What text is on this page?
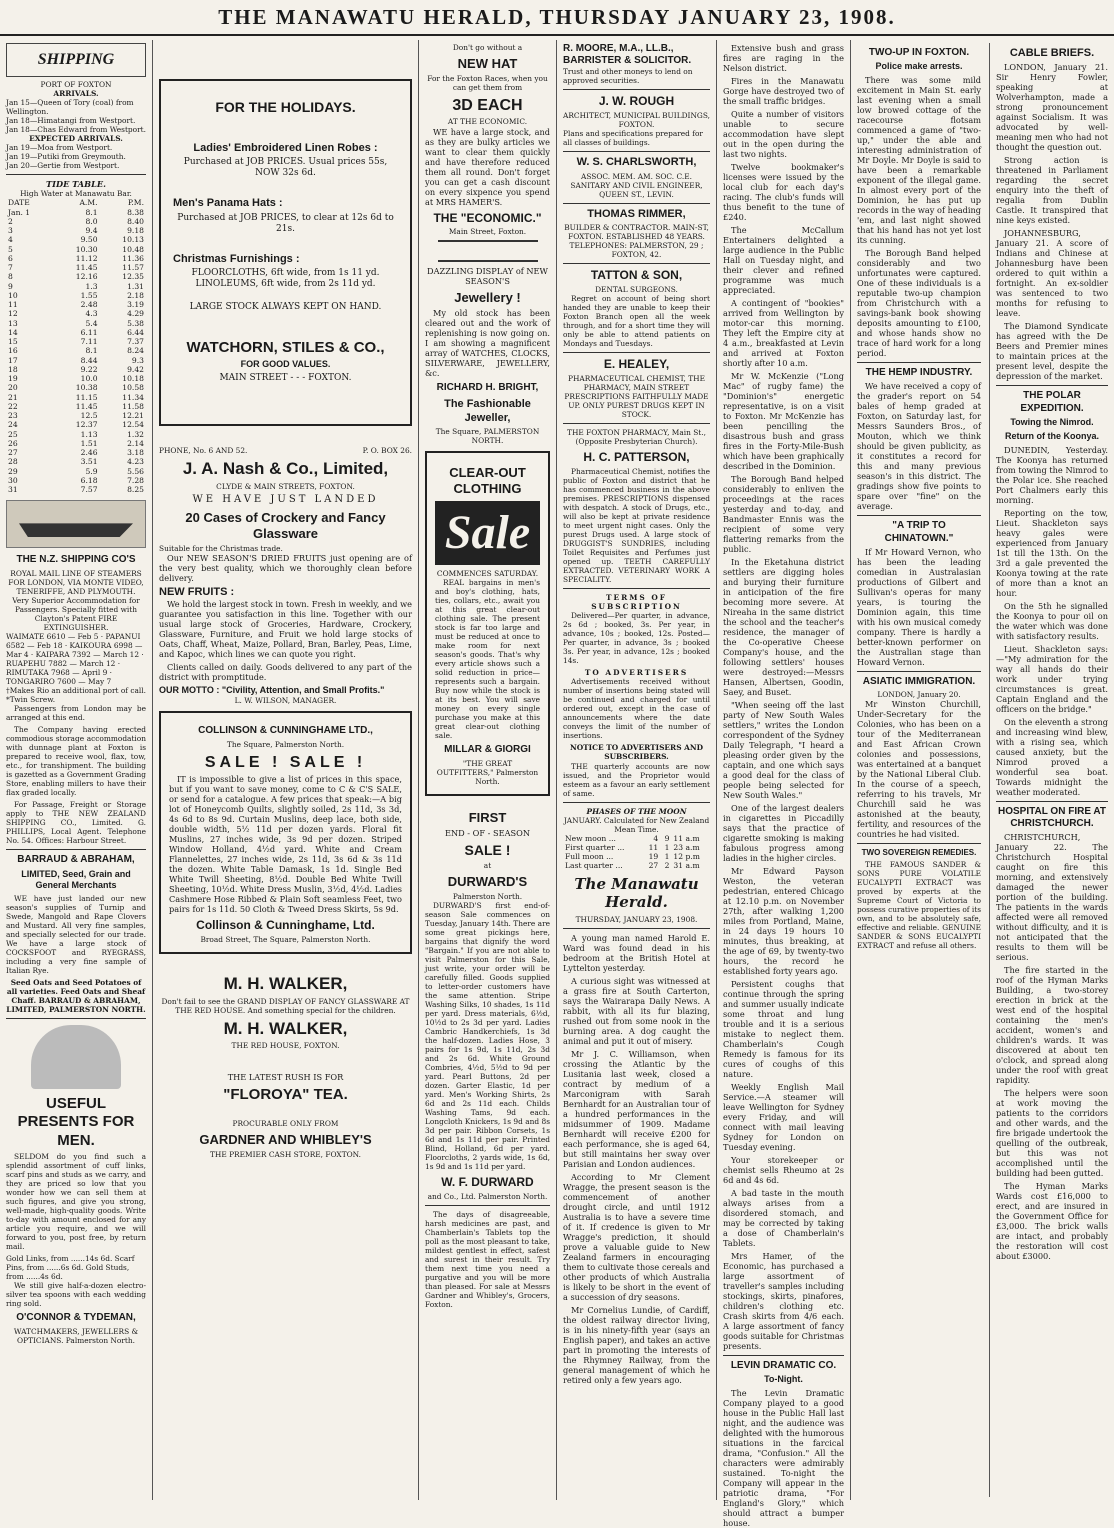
THE MANAWATU HERALD, THURSDAY JANUARY 23, 1908.
SHIPPING
PORT OF FOXTON
ARRIVALS.
Jan 15—Queen of Tory (coal) from Wellington.
Jan 18—Himatangi from Westport.
Jan 18—Chas Edward from Westport.
EXPECTED ARRIVALS.
Jan 19—Moa from Westport.
Jan 19—Putiki from Greymouth.
Jan 20—Gertie from Westport.
TIDE TABLE.
High Water at Manawatu Bar.
DATE	A.M.	P.M.
Jan. 1	8.1	8.38
2	8.0	8.40
3	9.4	9.18
4	9.50	10.13
5	10.30	10.48
6	11.12	11.36
7	11.45	11.57
8	12.16	12.35
9	1.3	1.31
10	1.55	2.18
11	2.48	3.19
12	4.3	4.29
13	5.4	5.38
14	6.11	6.44
15	7.11	7.37
16	8.1	8.24
17	8.44	9.3
18	9.22	9.42
19	10.0	10.18
20	10.38	10.58
21	11.15	11.34
22	11.45	11.58
23	12.5	12.21
24	12.37	12.54
25	1.13	1.32
26	1.51	2.14
27	2.46	3.18
28	3.51	4.23
29	5.9	5.56
30	6.18	7.28
31	7.57	8.25
THE N.Z. SHIPPING CO'S
ROYAL MAIL LINE OF STEAMERS FOR LONDON, VIA MONTE VIDEO, TENERIFFE, AND PLYMOUTH.
Very Superior Accommodation for Passengers. Specially fitted with Clayton's Patent FIRE EXTINGUISHER.
WAIMATE 6610 — Feb 5 · PAPANUI 6582 — Feb 18 · KAIKOURA 6998 — Mar 4 · KAIPARA 7392 — March 12 · RUAPEHU 7882 — March 12 · RIMUTAKA 7968 — April 9 · TONGARIRO 7600 — May 7
†Makes Rio an additional port of call. *Twin Screw.

Passengers from London may be arranged at this end.

The Company having erected commodious storage accommodation with dunnage plant at Foxton is prepared to receive wool, flax, tow, etc., for transhipment. The building is gazetted as a Government Grading Store, enabling millers to have their flax graded locally.

For Passage, Freight or Storage apply to THE NEW ZEALAND SHIPPING CO., Limited. G. PHILLIPS, Local Agent. Telephone No. 54. Offices: Harbour Street.

BARRAUD & ABRAHAM,
LIMITED, Seed, Grain and General Merchants

WE have just landed our new season's supplies of Turnip and Swede, Mangold and Rape Clovers and Mustard. All very fine samples, and specially selected for our trade. We have a large stock of COCKSFOOT and RYEGRASS, including a very fine sample of Italian Rye.

Seed Oats and Seed Potatoes of all varieties. Feed Oats and Sheaf Chaff. BARRAUD & ABRAHAM, LIMITED, PALMERSTON NORTH.
USEFUL PRESENTS FOR MEN.

SELDOM do you find such a splendid assortment of cuff links, scarf pins and studs as we carry, and they are priced so low that you wonder how we can sell them at such figures, and give you strong, well-made, high-quality goods. Write to-day with amount enclosed for any article you require, and we will forward to you, post free, by return mail.

Gold Links, from ......14s 6d. Scarf Pins, from ......6s 6d. Gold Studs, from ......4s 6d.

We still give half-a-dozen electro-silver tea spoons with each wedding ring sold.

O'CONNOR & TYDEMAN,
WATCHMAKERS, JEWELLERS & OPTICIANS. Palmerston North.
FOR THE HOLIDAYS.
Ladies' Embroidered Linen Robes :
Purchased at JOB PRICES. Usual prices 55s, NOW 32s 6d.
Men's Panama Hats :
Purchased at JOB PRICES, to clear at 12s 6d to 21s.
Christmas Furnishings :
FLOORCLOTHS, 6ft wide, from 1s 11 yd. LINOLEUMS, 6ft wide, from 2s 11d yd.
LARGE STOCK ALWAYS KEPT ON HAND.
WATCHORN, STILES & CO.,
FOR GOOD VALUES.
MAIN STREET - - - FOXTON.
PHONE, No. 6 AND 52.	P. O. BOX 26.
J. A. Nash & Co., Limited,
CLYDE & MAIN STREETS, FOXTON.
WE HAVE JUST LANDED
20 Cases of Crockery and Fancy Glassware
Suitable for the Christmas trade.

Our NEW SEASON'S DRIED FRUITS just opening are of the very best quality, which we thoroughly clean before delivery.

NEW FRUITS :

We hold the largest stock in town. Fresh in weekly, and we guarantee you satisfaction in this line. Together with our usual large stock of Groceries, Hardware, Crockery, Glassware, Furniture, and Fruit we hold large stocks of Oats, Chaff, Wheat, Maize, Pollard, Bran, Barley, Peas, Lime, and Kapoc, which lines we can quote you right.

Clients called on daily. Goods delivered to any part of the district with promptitude.

OUR MOTTO : "Civility, Attention, and Small Profits."
L. W. WILSON, MANAGER.
COLLINSON & CUNNINGHAME LTD.,
The Square, Palmerston North.
SALE ! SALE !

IT is impossible to give a list of prices in this space, but if you want to save money, come to C & C'S SALE, or send for a catalogue. A few prices that speak:—A big lot of Honeycomb Quilts, slightly soiled, 2s 11d, 3s 3d, 4s 6d to 8s 9d. Curtain Muslins, deep lace, both side, double width, 5½ 11d per dozen yards. Floral fit Muslins, 27 inches wide, 3s 9d per dozen. Striped Window Holland, 4½d yard. White and Cream Flannelettes, 27 inches wide, 2s 11d, 3s 6d & 3s 11d the dozen. White Table Damask, 1s 1d. Single Bed White Twill Sheeting, 8½d. Double Bed White Twill Sheeting, 10½d. White Dress Muslin, 3½d, 4½d. Ladies Cashmere Hose Ribbed & Plain Soft seamless Feet, two pairs for 1s 11d. 50 Cloth & Tweed Dress Skirts, 5s 9d.

Collinson & Cunninghame, Ltd.
Broad Street, The Square, Palmerston North.
M. H. WALKER,
Don't fail to see the GRAND DISPLAY OF FANCY GLASSWARE AT THE RED HOUSE. And something special for the children.
M. H. WALKER,
THE RED HOUSE, FOXTON.
THE LATEST RUSH IS FOR
"FLOROYA" TEA.
PROCURABLE ONLY FROM
GARDNER AND WHIBLEY'S
THE PREMIER CASH STORE, FOXTON.
Don't go without a
NEW HAT
For the Foxton Races, when you can get them from
3D EACH
AT THE ECONOMIC.

WE have a large stock, and as they are bulky articles we want to clear them quickly and have therefore reduced them all round. Don't forget you can get a cash discount on every sixpence you spend at MRS HAMER'S.

THE "ECONOMIC."
Main Street, Foxton.
DAZZLING DISPLAY of NEW SEASON'S
Jewellery !

My old stock has been cleared out and the work of replenishing is now going on. I am showing a magnificent array of WATCHES, CLOCKS, SILVERWARE, JEWELLERY, &c.

RICHARD H. BRIGHT,
The Fashionable Jeweller,
The Square, PALMERSTON NORTH.
CLEAR-OUT CLOTHING
Sale
COMMENCES SATURDAY.

REAL bargains in men's and boy's clothing, hats, ties, collars, etc., await you at this great clear-out clothing sale. The present stock is far too large and must be reduced at once to make room for next season's goods. That's why every article shows such a solid reduction in price—represents such a bargain. Buy now while the stock is at its best. You will save money on every single purchase you make at this great clear-out clothing sale.

MILLAR & GIORGI
"THE GREAT OUTFITTERS," Palmerston North.
FIRST
END - OF - SEASON
SALE !
at
DURWARD'S
Palmerston North.

DURWARD'S first end-of-season Sale commences on Tuesday, January 14th. There are some great pickings here, bargains that dignify the word "Bargain." If you are not able to visit Palmerston for this Sale, just write, your order will be carefully filled. Goods supplied to letter-order customers have the same attention. Stripe Washing Silks, 10 shades, 1s 11d per yard. Dress materials, 6½d, 10½d to 2s 3d per yard. Ladies Cambric Handkerchiefs, 1s 3d the half-dozen. Ladies Hose, 3 pairs for 1s 9d, 1s 11d, 2s 3d and 2s 6d. White Ground Combries, 4½d, 5½d to 9d per yard. Pearl Buttons, 2d per dozen. Garter Elastic, 1d per yard. Men's Working Shirts, 2s 6d and 2s 11d each. Childs Washing Tams, 9d each. Longcloth Knickers, 1s 9d and 8s 3d per pair. Ribbon Corsets, 1s 6d and 1s 11d per pair. Printed Blind, Holland, 6d per yard. Floorcloths, 2 yards wide, 1s 6d, 1s 9d and 1s 11d per yard.

W. F. DURWARD
and Co., Ltd. Palmerston North.

The days of disagreeable, harsh medicines are past, and Chamberlain's Tablets top the poll as the most pleasant to take, mildest gentlest in effect, safest and surest in their result. Try them next time you need a purgative and you will be more than pleased. For sale at Messrs Gardner and Whibley's, Grocers, Foxton.

R. MOORE, M.A., LL.B., BARRISTER & SOLICITOR.
Trust and other moneys to lend on approved securities.
J. W. ROUGH
ARCHITECT, MUNICIPAL BUILDINGS, FOXTON.
Plans and specifications prepared for all classes of buildings.
W. S. CHARLSWORTH,
ASSOC. MEM. AM. SOC. C.E. SANITARY AND CIVIL ENGINEER, QUEEN ST., LEVIN.
THOMAS RIMMER,
BUILDER & CONTRACTOR. MAIN-ST, FOXTON. ESTABLISHED 48 YEARS. TELEPHONES: PALMERSTON, 29 ; FOXTON, 42.
TATTON & SON,
DENTAL SURGEONS.

Regret on account of being short handed they are unable to keep their Foxton Branch open all the week through, and for a short time they will only be able to attend patients on Mondays and Tuesdays.

E. HEALEY,
PHARMACEUTICAL CHEMIST, THE PHARMACY, MAIN STREET
PRESCRIPTIONS FAITHFULLY MADE UP. ONLY PUREST DRUGS KEPT IN STOCK.
THE FOXTON PHARMACY, Main St., (Opposite Presbyterian Church).
H. C. PATTERSON,

Pharmaceutical Chemist, notifies the public of Foxton and district that he has commenced business in the above premises. PRESCRIPTIONS dispensed with despatch. A stock of Drugs, etc., will also be kept at private residence to meet urgent night cases. Only the purest Drugs used. A large stock of DRUGGIST'S SUNDRIES, including Toilet Requisites and Perfumes just opened up. TEETH CAREFULLY EXTRACTED. VETERINARY WORK A SPECIALITY.

TERMS OF SUBSCRIPTION

Delivered—Per quarter, in advance, 2s 6d ; booked, 3s. Per year, in advance, 10s ; booked, 12s. Posted—Per quarter, in advance, 3s ; booked 3s. Per year, in advance, 12s ; booked 14s.

TO ADVERTISERS

Advertisements received without number of insertions being stated will be continued and charged for until ordered out, except in the case of announcements where the date conveys the limit of the number of insertions.

NOTICE TO ADVERTISERS AND SUBSCRIBERS.

THE quarterly accounts are now issued, and the Proprietor would esteem as a favour an early settlement of same.

PHASES OF THE MOON
JANUARY. Calculated for New Zealand Mean Time.
New moon ...	4	9	11 a.m
First quarter ...	11	1	23 a.m
Full moon ...	19	1	12 p.m
Last quarter ...	27	2	31 a.m
The Manawatu Herald.
THURSDAY, JANUARY 23, 1908.

A young man named Harold E. Ward was found dead in his bedroom at the British Hotel at Lyttelton yesterday.

A curious sight was witnessed at a grass fire at South Carterton, says the Wairarapa Daily News. A rabbit, with all its fur blazing, rushed out from some nook in the burning area. A dog caught the animal and put it out of misery.

Mr J. C. Williamson, when crossing the Atlantic by the Lusitania last week, closed a contract by medium of a Marconigram with Sarah Bernhardt for an Australian tour of a hundred performances in the midsummer of 1909. Madame Bernhardt will receive £200 for each performance, she is aged 64, but still maintains her sway over Parisian and London audiences.

According to Mr Clement Wragge, the present season is the commencement of another drought circle, and until 1912 Australia is to have a severe time of it. If credence is given to Mr Wragge's prediction, it should prove a valuable guide to New Zealand farmers in encouraging them to cultivate those cereals and other products of which Australia is likely to be short in the event of a succession of dry seasons.

Mr Cornelius Lundie, of Cardiff, the oldest railway director living, is in his ninety-fifth year (says an English paper), and takes an active part in promoting the interests of the Rhymney Railway, from the general management of which he retired only a few years ago.

Extensive bush and grass fires are raging in the Nelson district.

Fires in the Manawatu Gorge have destroyed two of the small traffic bridges.

Quite a number of visitors unable to secure accommodation have slept out in the open during the last two nights.

Twelve bookmaker's licenses were issued by the local club for each day's racing. The club's funds will thus benefit to the tune of £240.

The McCallum Entertainers delighted a large audience in the Public Hall on Tuesday night, and their clever and refined programme was much appreciated.

A contingent of "bookies" arrived from Wellington by motor-car this morning. They left the Empire city at 4 a.m., breakfasted at Levin and arrived at Foxton shortly after 10 a.m.

Mr W. McKenzie ("Long Mac" of rugby fame) the "Dominion's" energetic representative, is on a visit to Foxton. Mr McKenzie has been pencilling the disastrous bush and grass fires in the Forty-Mile-Bush which have been graphically described in the Dominion.

The Borough Band helped considerably to enliven the proceedings at the races yesterday and to-day, and Bandmaster Ennis was the recipient of some very flattering remarks from the public.

In the Eketahuna district settlers are digging holes and burying their furniture in anticipation of the fire becoming more severe. At Nireaha in the same district the school and the teacher's residence, the manager of the Co-operative Cheese Company's house, and the following settlers' houses were destroyed:—Messrs Hansen, Albertsen, Goodin, Saey, and Buset.

"When seeing off the last party of New South Wales settlers," writes the London correspondent of the Sydney Daily Telegraph, "I heard a pleasing order given by the captain, and one which says a good deal for the class of people being selected for New South Wales."

One of the largest dealers in cigarettes in Piccadilly says that the practice of cigarette smoking is making fabulous progress among ladies in the higher circles.

Mr Edward Payson Weston, the veteran pedestrian, entered Chicago at 12.10 p.m. on November 27th, after walking 1,200 miles from Portland, Maine, in 24 days 19 hours 10 minutes, thus breaking, at the age of 69, by twenty-two hours, the record he established forty years ago.

Persistent coughs that continue through the spring and summer usually indicate some throat and lung trouble and it is a serious mistake to neglect them. Chamberlain's Cough Remedy is famous for its cures of coughs of this nature.

Weekly English Mail Service.—A steamer will leave Wellington for Sydney every Friday, and will connect with mail leaving Sydney for London on Tuesday evening.

Your storekeeper or chemist sells Rheumo at 2s 6d and 4s 6d.

A bad taste in the mouth always arises from a disordered stomach, and may be corrected by taking a dose of Chamberlain's Tablets.

Mrs Hamer, of the Economic, has purchased a large assortment of traveller's samples including stockings, skirts, pinafores, children's clothing etc. Crash skirts from 4/6 each. A large assortment of fancy goods suitable for Christmas presents.

LEVIN DRAMATIC CO.
To-Night.

The Levin Dramatic Company played to a good house in the Public Hall last night, and the audience was delighted with the humorous situations in the farcical drama, "Confusion." All the characters were admirably sustained. To-night the Company will appear in the patriotic drama, "For England's Glory," which should attract a bumper house.

TWO-UP IN FOXTON.
Police make arrests.

There was some mild excitement in Main St. early last evening when a small low browed cottage of the racecourse flotsam commenced a game of "two-up," under the able and interesting administration of Mr Doyle. Mr Doyle is said to have been a remarkable exponent of the illegal game. In almost every port of the Dominion, he has put up records in the way of heading 'em, and last night showed that his hand has not yet lost its cunning.

The Borough Band helped considerably and two unfortunates were captured. One of these individuals is a reputable two-up champion from Christchurch with a savings-bank book showing deposits amounting to £100, and whose hands show no trace of hard work for a long period.

THE HEMP INDUSTRY.

We have received a copy of the grader's report on 54 bales of hemp graded at Foxton, on Saturday last, for Messrs Saunders Bros., of Mouton, which we think should be given publicity, as it constitutes a record for this and many previous season's in this district. The gradings show five points to spare over "fine" on the average.

"A TRIP TO CHINATOWN."

If Mr Howard Vernon, who has been the leading comedian in Australasian productions of Gilbert and Sullivan's operas for many years, is touring the Dominion again, this time with his own musical comedy company. There is hardly a better-known performer on the Australian stage than Howard Vernon.

ASIATIC IMMIGRATION.
LONDON, January 20.

Mr Winston Churchill, Under-Secretary for the Colonies, who has been on a tour of the Mediterranean and East African Crown colonies and possessions, was entertained at a banquet by the National Liberal Club. In the course of a speech, referring to his travels, Mr Churchill said he was astonished at the beauty, fertility, and resources of the countries he had visited.

TWO SOVEREIGN REMEDIES.

THE FAMOUS SANDER & SONS PURE VOLATILE EUCALYPTI EXTRACT was proved by experts at the Supreme Court of Victoria to possess curative properties of its own, and to be absolutely safe, effective and reliable. GENUINE SANDER & SONS EUCALYPTI EXTRACT and refuse all others.

CABLE BRIEFS.

LONDON, January 21. Sir Henry Fowler, speaking at Wolverhampton, made a strong pronouncement against Socialism. It was advocated by well-meaning men who had not thought the question out.

Strong action is threatened in Parliament regarding the secret enquiry into the theft of regalia from Dublin Castle. It transpired that nine keys existed.

JOHANNESBURG, January 21. A score of Indians and Chinese at Johannesburg have been ordered to quit within a fortnight. An ex-soldier was sentenced to two months for refusing to leave.

The Diamond Syndicate has agreed with the De Beers and Premier mines to maintain prices at the present level, despite the depression of the market.

THE POLAR EXPEDITION.
Towing the Nimrod.
Return of the Koonya.

DUNEDIN, Yesterday. The Koonya has returned from towing the Nimrod to the Polar ice. She reached Port Chalmers early this morning.

Reporting on the tow, Lieut. Shackleton says heavy gales were experienced from January 1st till the 13th. On the 3rd a gale prevented the Koonya towing at the rate of more than a knot an hour.

On the 5th he signalled the Koonya to pour oil on the water which was done with satisfactory results.

Lieut. Shackleton says:—"My admiration for the way all hands do their work under trying circumstances is great. Captain England and the officers on the bridge."

On the eleventh a strong and increasing wind blew, with a rising sea, which caused anxiety, but the Nimrod proved a wonderful sea boat. Towards midnight the weather moderated.

HOSPITAL ON FIRE AT CHRISTCHURCH.

CHRISTCHURCH, January 22. The Christchurch Hospital caught on fire this morning, and extensively damaged the newer portion of the building. The patients in the wards affected were all removed without difficulty, and it is not anticipated that the results to them will be serious.

The fire started in the roof of the Hyman Marks Building, a two-storey erection in brick at the west end of the hospital containing the men's accident, women's and children's wards. It was discovered at about ten o'clock, and spread along under the roof with great rapidity.

The helpers were soon at work moving the patients to the corridors and other wards, and the fire brigade undertook the quelling of the outbreak, but this was not accomplished until the building had been gutted.

The Hyman Marks Wards cost £16,000 to erect, and are insured in the Government Office for £3,000. The brick walls are intact, and probably the restoration will cost about £3000.
